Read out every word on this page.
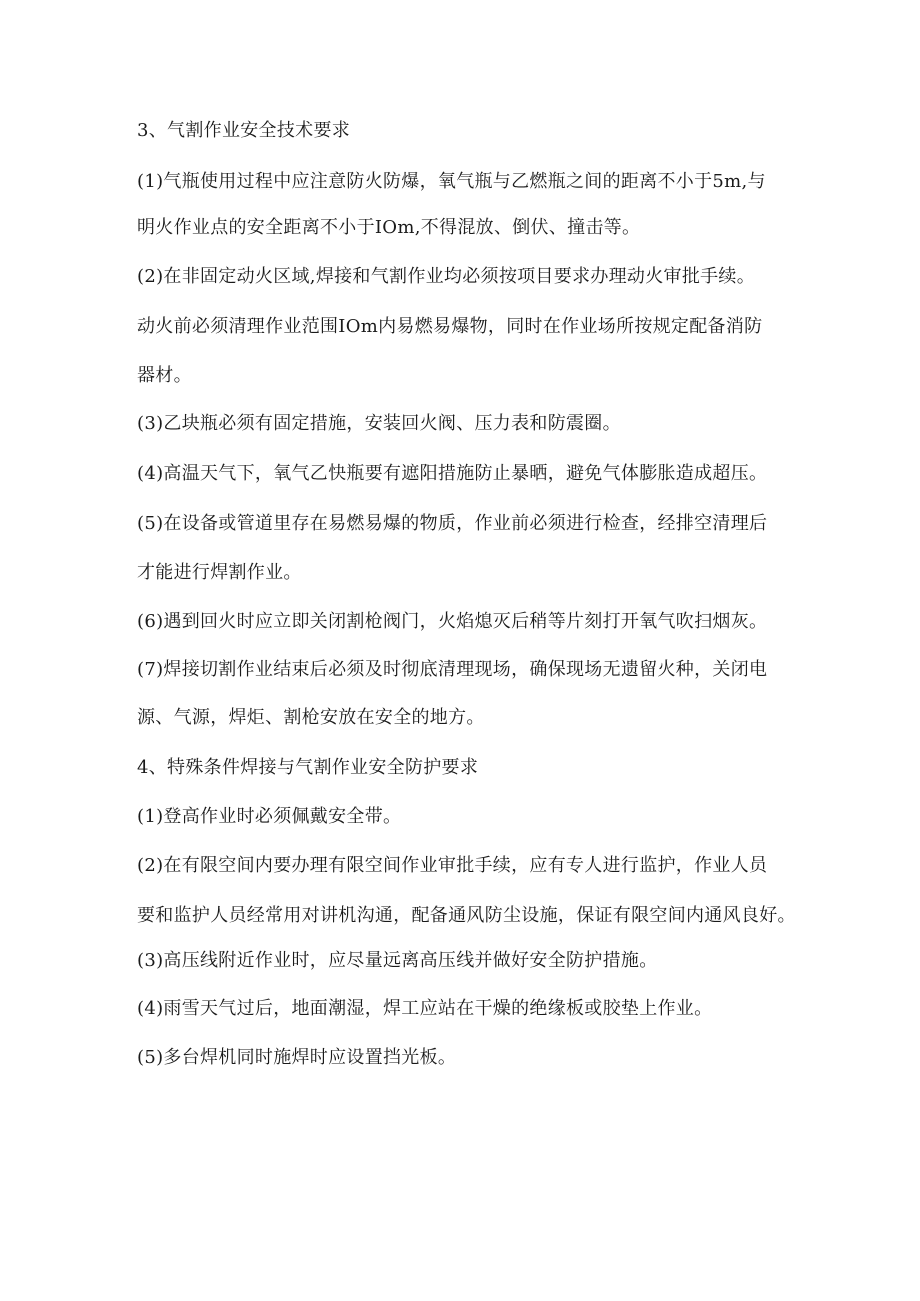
3、气割作业安全技术要求
(1)气瓶使用过程中应注意防火防爆，氧气瓶与乙燃瓶之间的距离不小于5m,与
明火作业点的安全距离不小于IOm,不得混放、倒伏、撞击等。
(2)在非固定动火区域,焊接和气割作业均必须按项目要求办理动火审批手续。
动火前必须清理作业范围IOm内易燃易爆物，同时在作业场所按规定配备消防
器材。
(3)乙块瓶必须有固定措施，安装回火阀、压力表和防震圈。
(4)高温天气下，氧气乙快瓶要有遮阳措施防止暴晒，避免气体膨胀造成超压。
(5)在设备或管道里存在易燃易爆的物质，作业前必须进行检查，经排空清理后
才能进行焊割作业。
(6)遇到回火时应立即关闭割枪阀门，火焰熄灭后稍等片刻打开氧气吹扫烟灰。
(7)焊接切割作业结束后必须及时彻底清理现场，确保现场无遗留火种，关闭电
源、气源，焊炬、割枪安放在安全的地方。
4、特殊条件焊接与气割作业安全防护要求
(1)登高作业时必须佩戴安全带。
(2)在有限空间内要办理有限空间作业审批手续，应有专人进行监护，作业人员
要和监护人员经常用对讲机沟通，配备通风防尘设施，保证有限空间内通风良好。
(3)高压线附近作业时，应尽量远离高压线并做好安全防护措施。
(4)雨雪天气过后，地面潮湿，焊工应站在干燥的绝缘板或胶垫上作业。
(5)多台焊机同时施焊时应设置挡光板。
